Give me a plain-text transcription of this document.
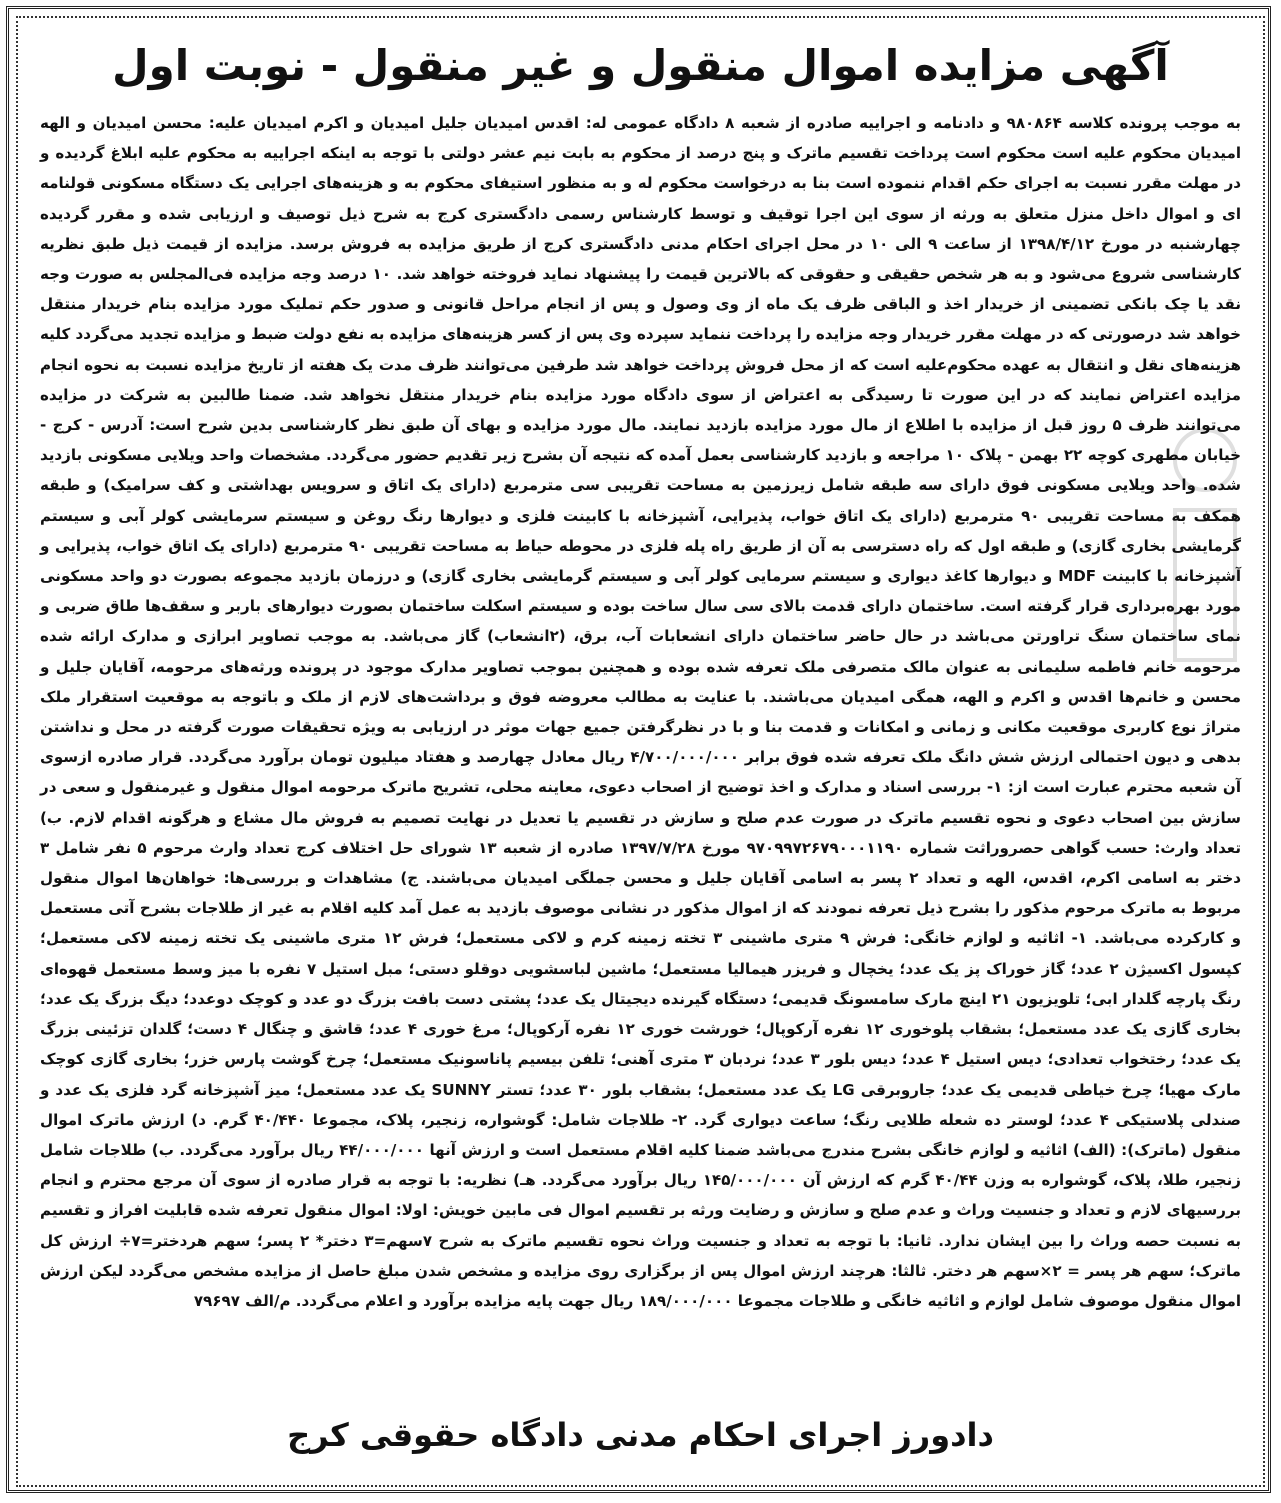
آگهی مزایده اموال منقول و غیر منقول - نوبت اول

به موجب پرونده کلاسه ۹۸۰۸۶۴ و دادنامه و اجراییه صادره از شعبه ۸ دادگاه عمومی له: اقدس امیدیان جلیل امیدیان و اکرم امیدیان علیه: محسن امیدیان و الهه امیدیان محکوم علیه است محکوم است پرداخت تقسیم ماترک و پنج درصد از محکوم به بابت نیم عشر دولتی با توجه به اینکه اجراییه به محکوم علیه ابلاغ گردیده و در مهلت مقرر نسبت به اجرای حکم اقدام ننموده است بنا به درخواست محکوم له و به منظور استیفای محکوم به و هزینه‌های اجرایی یک دستگاه مسکونی قولنامه ای و اموال داخل منزل متعلق به ورثه از سوی این اجرا توقیف و توسط کارشناس رسمی دادگستری کرج به شرح ذیل توصیف و ارزیابی شده و مقرر گردیده چهارشنبه در مورخ ۱۳۹۸/۴/۱۲ از ساعت ۹ الی ۱۰ در محل اجرای احکام مدنی دادگستری کرج از طریق مزایده به فروش برسد. مزایده از قیمت ذیل طبق نظریه کارشناسی شروع می‌شود و به هر شخص حقیقی و حقوقی که بالاترین قیمت را پیشنهاد نماید فروخته خواهد شد. ۱۰ درصد وجه مزایده فی‌المجلس به صورت وجه نقد یا چک بانکی تضمینی از خریدار اخذ و الباقی ظرف یک ماه از وی وصول و پس از انجام مراحل قانونی و صدور حکم تملیک مورد مزایده بنام خریدار منتقل خواهد شد درصورتی که در مهلت مقرر خریدار وجه مزایده را پرداخت ننماید سپرده وی پس از کسر هزینه‌های مزایده به نفع دولت ضبط و مزایده تجدید می‌گردد کلیه هزینه‌های نقل و انتقال به عهده محکوم‌علیه است که از محل فروش پرداخت خواهد شد طرفین می‌توانند ظرف مدت یک هفته از تاریخ مزایده نسبت به نحوه انجام مزایده اعتراض نمایند که در این صورت تا رسیدگی به اعتراض از سوی دادگاه مورد مزایده بنام خریدار منتقل نخواهد شد. ضمنا طالبین به شرکت در مزایده می‌توانند ظرف ۵ روز قبل از مزایده با اطلاع از مال مورد مزایده بازدید نمایند. مال مورد مزایده و بهای آن طبق نظر کارشناسی بدین شرح است: آدرس - کرج - خیابان مطهری کوچه ۲۲ بهمن - پلاک ۱۰ مراجعه و بازدید کارشناسی بعمل آمده که نتیجه آن بشرح زیر تقدیم حضور می‌گردد. مشخصات واحد ویلایی مسکونی بازدید شده. واحد ویلایی مسکونی فوق دارای سه طبقه شامل زیرزمین به مساحت تقریبی سی مترمربع (دارای یک اتاق و سرویس بهداشتی و کف سرامیک) و طبقه همکف به مساحت تقریبی ۹۰ مترمربع (دارای یک اتاق خواب، پذیرایی، آشپزخانه با کابینت فلزی و دیوارها رنگ روغن و سیستم سرمایشی کولر آبی و سیستم گرمایشی بخاری گازی) و طبقه اول که راه دسترسی به آن از طریق راه پله فلزی در محوطه حیاط به مساحت تقریبی ۹۰ مترمربع (دارای یک اتاق خواب، پذیرایی و آشپزخانه با کابینت MDF و دیوارها کاغذ دیواری و سیستم سرمایی کولر آبی و سیستم گرمایشی بخاری گازی) و درزمان بازدید مجموعه بصورت دو واحد مسکونی مورد بهره‌برداری قرار گرفته است. ساختمان دارای قدمت بالای سی سال ساخت بوده و سیستم اسکلت ساختمان بصورت دیوارهای باربر و سقف‌ها طاق ضربی و نمای ساختمان سنگ تراورتن می‌باشد در حال حاضر ساختمان دارای انشعابات آب، برق، (۲انشعاب) گاز می‌باشد. به موجب تصاویر ابرازی و مدارک ارائه شده مرحومه خانم فاطمه سلیمانی به عنوان مالک متصرفی ملک تعرفه شده بوده و همچنین بموجب تصاویر مدارک موجود در پرونده ورثه‌های مرحومه، آقایان جلیل و محسن و خانم‌ها اقدس و اکرم و الهه، همگی امیدیان می‌باشند. با عنایت به مطالب معروضه فوق و برداشت‌های لازم از ملک و باتوجه به موقعیت استقرار ملک متراژ نوع کاربری موقعیت مکانی و زمانی و امکانات و قدمت بنا و با در نظرگرفتن جمیع جهات موثر در ارزیابی به ویژه تحقیقات صورت گرفته در محل و نداشتن بدهی و دیون احتمالی ارزش شش دانگ ملک تعرفه شده فوق برابر ۴/۷۰۰/۰۰۰/۰۰۰ ریال معادل چهارصد و هفتاد میلیون تومان برآورد می‌گردد. قرار صادره ازسوی آن شعبه محترم عبارت است از: ۱- بررسی اسناد و مدارک و اخذ توضیح از اصحاب دعوی، معاینه محلی، تشریح ماترک مرحومه اموال منقول و غیرمنقول و سعی در سازش بین اصحاب دعوی و نحوه تقسیم ماترک در صورت عدم صلح و سازش در تقسیم یا تعدیل در نهایت تصمیم به فروش مال مشاع و هرگونه اقدام لازم. ب) تعداد وارث: حسب گواهی حصروراثت شماره ۹۷۰۹۹۷۲۶۷۹۰۰۰۱۱۹۰ مورخ ۱۳۹۷/۷/۲۸ صادره از شعبه ۱۳ شورای حل اختلاف کرج تعداد وارث مرحوم ۵ نفر شامل ۳ دختر به اسامی اکرم، اقدس، الهه و تعداد ۲ پسر به اسامی آقایان جلیل و محسن جملگی امیدیان می‌باشند. ج) مشاهدات و بررسی‌ها: خواهان‌ها اموال منقول مربوط به ماترک مرحوم مذکور را بشرح ذیل تعرفه نمودند که از اموال مذکور در نشانی موصوف بازدید به عمل آمد کلیه اقلام به غیر از طلاجات بشرح آتی مستعمل و کارکرده می‌باشد. ۱- اثاثیه و لوازم خانگی: فرش ۹ متری ماشینی ۳ تخته زمینه کرم و لاکی مستعمل؛ فرش ۱۲ متری ماشینی یک تخته زمینه لاکی مستعمل؛ کپسول اکسیژن ۲ عدد؛ گاز خوراک پز یک عدد؛ یخچال و فریزر هیمالیا مستعمل؛ ماشین لباسشویی دوقلو دستی؛ مبل استیل ۷ نفره با میز وسط مستعمل قهوه‌ای رنگ پارچه گلدار ابی؛ تلویزیون ۲۱ اینچ مارک سامسونگ قدیمی؛ دستگاه گیرنده دیجیتال یک عدد؛ پشتی دست بافت بزرگ دو عدد و کوچک دوعدد؛ دیگ بزرگ یک عدد؛ بخاری گازی یک عدد مستعمل؛ بشقاب پلوخوری ۱۲ نفره آرکوپال؛ خورشت خوری ۱۲ نفره آرکوپال؛ مرغ خوری ۴ عدد؛ قاشق و چنگال ۴ دست؛ گلدان تزئینی بزرگ یک عدد؛ رختخواب تعدادی؛ دیس استیل ۴ عدد؛ دیس بلور ۳ عدد؛ نردبان ۳ متری آهنی؛ تلفن بیسیم پاناسونیک مستعمل؛ چرخ گوشت پارس خزر؛ بخاری گازی کوچک مارک مهیا؛ چرخ خیاطی قدیمی یک عدد؛ جاروبرقی LG یک عدد مستعمل؛ بشقاب بلور ۳۰ عدد؛ تستر SUNNY یک عدد مستعمل؛ میز آشپزخانه گرد فلزی یک عدد و صندلی پلاستیکی ۴ عدد؛ لوستر ده شعله طلایی رنگ؛ ساعت دیواری گرد. ۲- طلاجات شامل: گوشواره، زنجیر، پلاک، مجموعا ۴۰/۴۴۰ گرم. د) ارزش ماترک اموال منقول (ماترک): (الف) اثاثیه و لوازم خانگی بشرح مندرج می‌باشد ضمنا کلیه اقلام مستعمل است و ارزش آنها ۴۴/۰۰۰/۰۰۰ ریال برآورد می‌گردد. ب) طلاجات شامل زنجیر، طلا، پلاک، گوشواره به وزن ۴۰/۴۴ گرم که ارزش آن ۱۴۵/۰۰۰/۰۰۰ ریال برآورد می‌گردد. هـ) نظریه: با توجه به قرار صادره از سوی آن مرجع محترم و انجام بررسیهای لازم و تعداد و جنسیت وراث و عدم صلح و سازش و رضایت ورثه بر تقسیم اموال فی مابین خویش: اولا: اموال منقول تعرفه شده قابلیت افراز و تقسیم به نسبت حصه وراث را بین ایشان ندارد. ثانیا: با توجه به تعداد و جنسیت وراث نحوه تقسیم ماترک به شرح ۷سهم=۳ دختر* ۲ پسر؛ سهم هردختر=۷÷ ارزش کل ماترک؛ سهم هر پسر = ۲×سهم هر دختر. ثالثا: هرچند ارزش اموال پس از برگزاری روی مزایده و مشخص شدن مبلغ حاصل از مزایده مشخص می‌گردد لیکن ارزش اموال منقول موصوف شامل لوازم و اثاثیه خانگی و طلاجات مجموعا ۱۸۹/۰۰۰/۰۰۰ ریال جهت پایه مزایده برآورد و اعلام می‌گردد. م/الف ۷۹۶۹۷

دادورز اجرای احکام مدنی دادگاه حقوقی کرج
